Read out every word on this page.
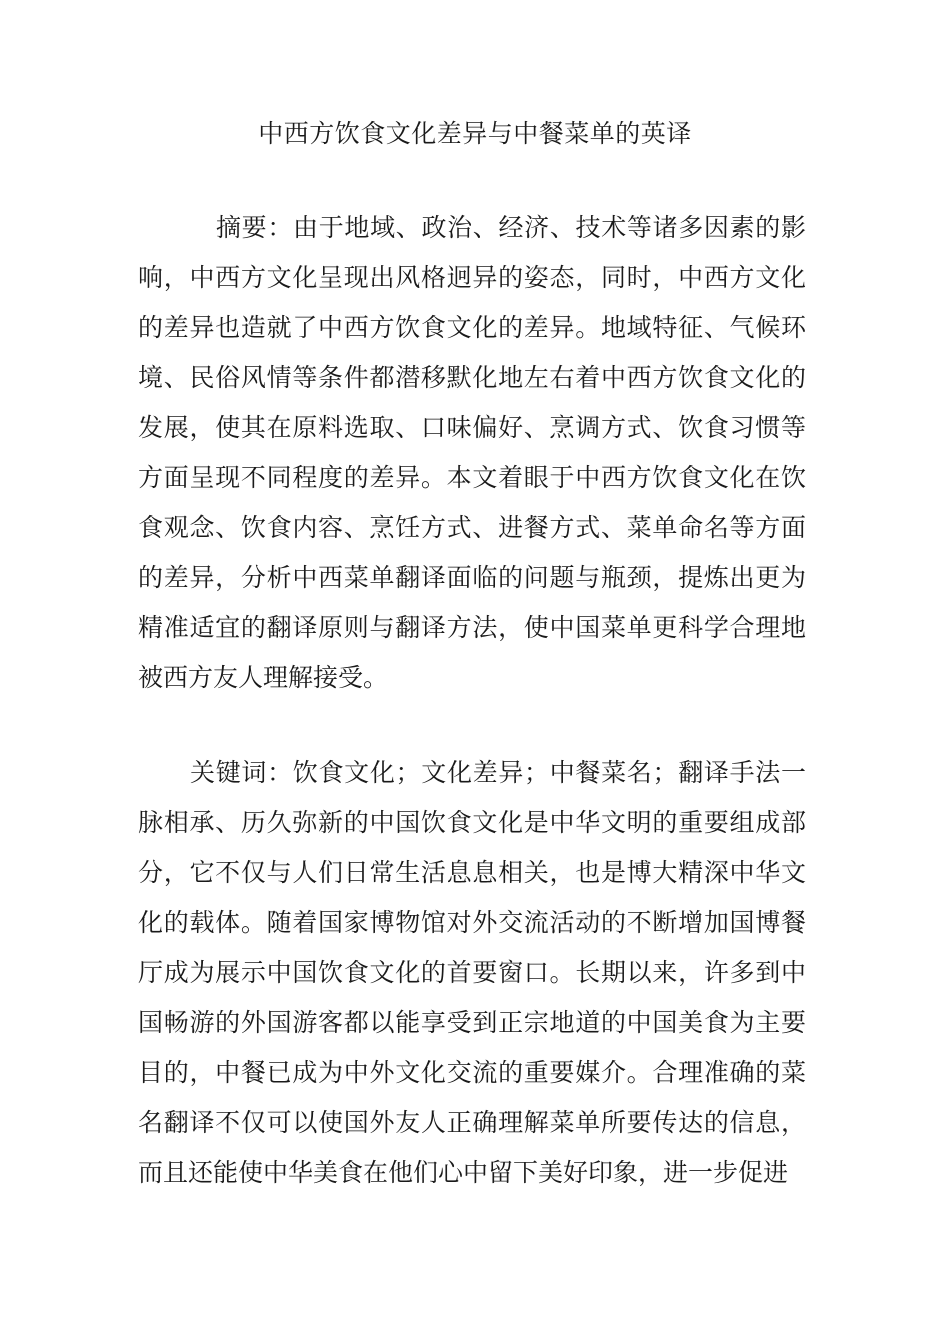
中西方饮食文化差异与中餐菜单的英译
摘要：由于地域、政治、经济、技术等诸多因素的影响，中西方文化呈现出风格迥异的姿态，同时，中西方文化的差异也造就了中西方饮食文化的差异。地域特征、气候环境、民俗风情等条件都潜移默化地左右着中西方饮食文化的发展，使其在原料选取、口味偏好、烹调方式、饮食习惯等方面呈现不同程度的差异。本文着眼于中西方饮食文化在饮食观念、饮食内容、烹饪方式、进餐方式、菜单命名等方面的差异，分析中西菜单翻译面临的问题与瓶颈，提炼出更为精准适宜的翻译原则与翻译方法，使中国菜单更科学合理地被西方友人理解接受。
关键词：饮食文化；文化差异；中餐菜名；翻译手法一脉相承、历久弥新的中国饮食文化是中华文明的重要组成部分，它不仅与人们日常生活息息相关，也是博大精深中华文化的载体。随着国家博物馆对外交流活动的不断增加国博餐厅成为展示中国饮食文化的首要窗口。长期以来，许多到中国畅游的外国游客都以能享受到正宗地道的中国美食为主要目的，中餐已成为中外文化交流的重要媒介。合理准确的菜名翻译不仅可以使国外友人正确理解菜单所要传达的信息，而且还能使中华美食在他们心中留下美好印象，进一步促进
